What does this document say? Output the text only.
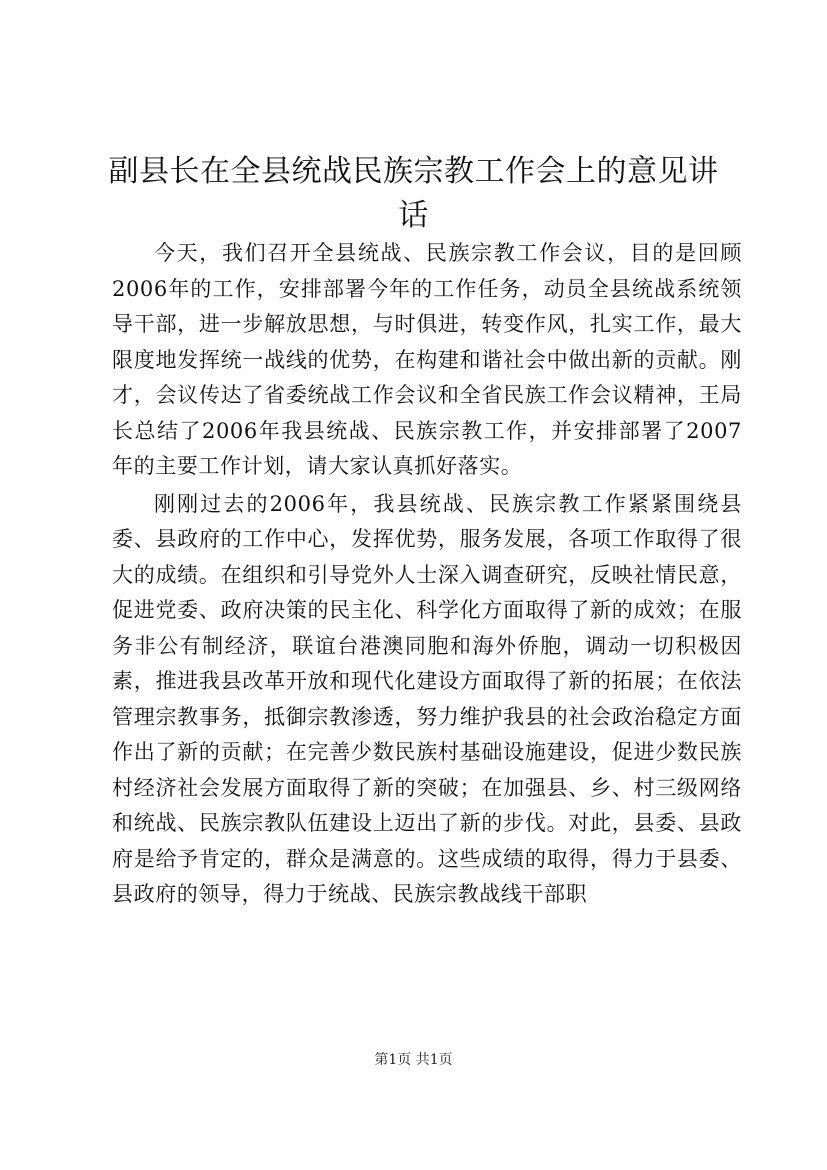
副县长在全县统战民族宗教工作会上的意见讲话

今天，我们召开全县统战、民族宗教工作会议，目的是回顾2006年的工作，安排部署今年的工作任务，动员全县统战系统领导干部，进一步解放思想，与时俱进，转变作风，扎实工作，最大限度地发挥统一战线的优势，在构建和谐社会中做出新的贡献。刚才，会议传达了省委统战工作会议和全省民族工作会议精神，王局长总结了2006年我县统战、民族宗教工作，并安排部署了2007年的主要工作计划，请大家认真抓好落实。

刚刚过去的2006年，我县统战、民族宗教工作紧紧围绕县委、县政府的工作中心，发挥优势，服务发展，各项工作取得了很大的成绩。在组织和引导党外人士深入调查研究，反映社情民意，促进党委、政府决策的民主化、科学化方面取得了新的成效；在服务非公有制经济，联谊台港澳同胞和海外侨胞，调动一切积极因素，推进我县改革开放和现代化建设方面取得了新的拓展；在依法管理宗教事务，抵御宗教渗透，努力维护我县的社会政治稳定方面作出了新的贡献；在完善少数民族村基础设施建设，促进少数民族村经济社会发展方面取得了新的突破；在加强县、乡、村三级网络和统战、民族宗教队伍建设上迈出了新的步伐。对此，县委、县政府是给予肯定的，群众是满意的。这些成绩的取得，得力于县委、县政府的领导，得力于统战、民族宗教战线干部职

第1页 共1页
